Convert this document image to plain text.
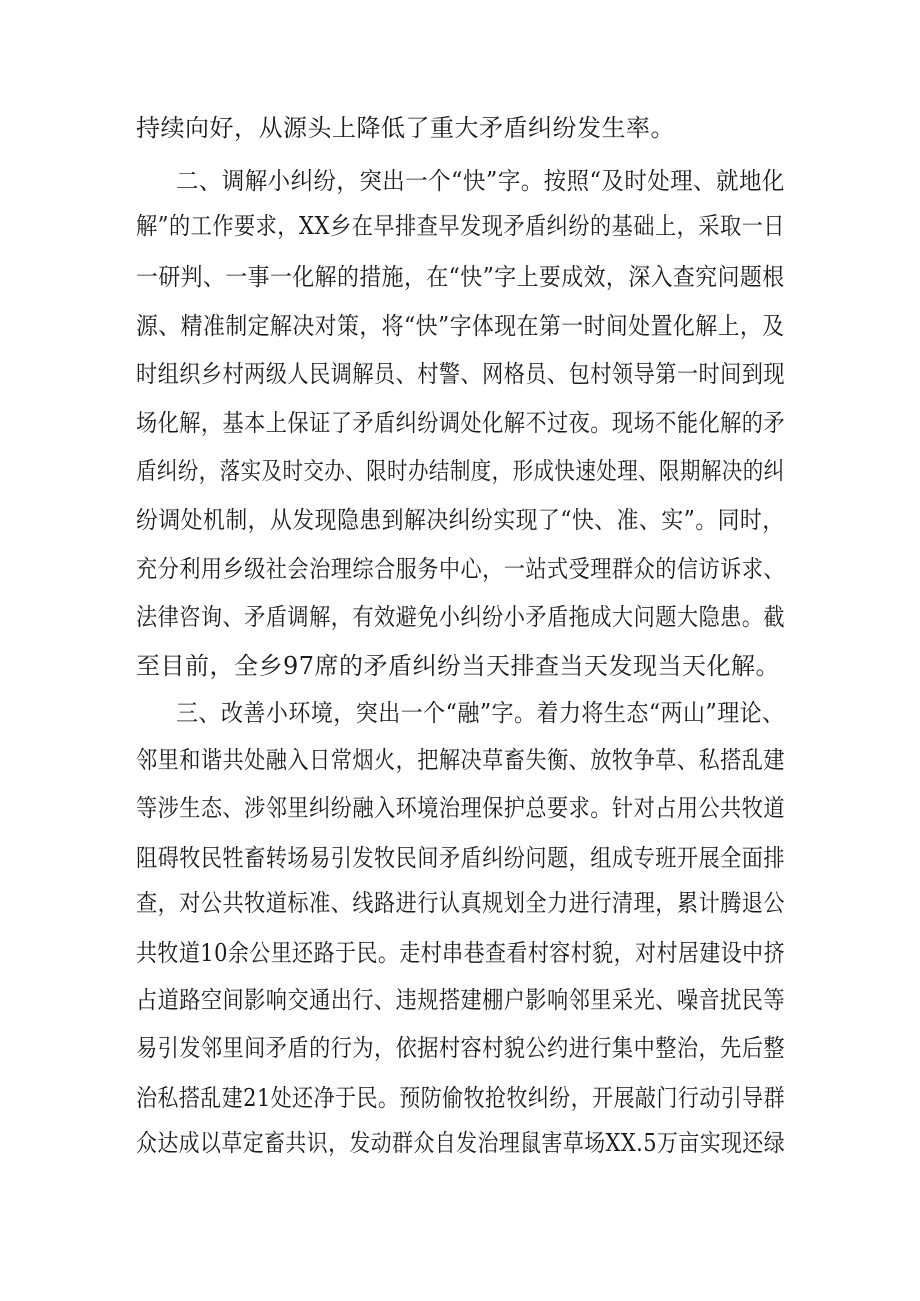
持续向好，从源头上降低了重大矛盾纠纷发生率。
二、调解小纠纷，突出一个“快”字。按照“及时处理、就地化
解”的工作要求，XX乡在早排查早发现矛盾纠纷的基础上，采取一日
一研判、一事一化解的措施，在“快”字上要成效，深入查究问题根
源、精准制定解决对策，将“快”字体现在第一时间处置化解上，及
时组织乡村两级人民调解员、村警、网格员、包村领导第一时间到现
场化解，基本上保证了矛盾纠纷调处化解不过夜。现场不能化解的矛
盾纠纷，落实及时交办、限时办结制度，形成快速处理、限期解决的纠
纷调处机制，从发现隐患到解决纠纷实现了“快、准、实”。同时，
充分利用乡级社会治理综合服务中心，一站式受理群众的信访诉求、
法律咨询、矛盾调解，有效避免小纠纷小矛盾拖成大问题大隐患。截
至目前，全乡97席的矛盾纠纷当天排查当天发现当天化解。
三、改善小环境，突出一个“融”字。着力将生态“两山”理论、
邻里和谐共处融入日常烟火，把解决草畜失衡、放牧争草、私搭乱建
等涉生态、涉邻里纠纷融入环境治理保护总要求。针对占用公共牧道
阻碍牧民牲畜转场易引发牧民间矛盾纠纷问题，组成专班开展全面排
查，对公共牧道标准、线路进行认真规划全力进行清理，累计腾退公
共牧道10余公里还路于民。走村串巷查看村容村貌，对村居建设中挤
占道路空间影响交通出行、违规搭建棚户影响邻里采光、噪音扰民等
易引发邻里间矛盾的行为，依据村容村貌公约进行集中整治，先后整
治私搭乱建21处还净于民。预防偷牧抢牧纠纷，开展敲门行动引导群
众达成以草定畜共识，发动群众自发治理鼠害草场XX.5万亩实现还绿
